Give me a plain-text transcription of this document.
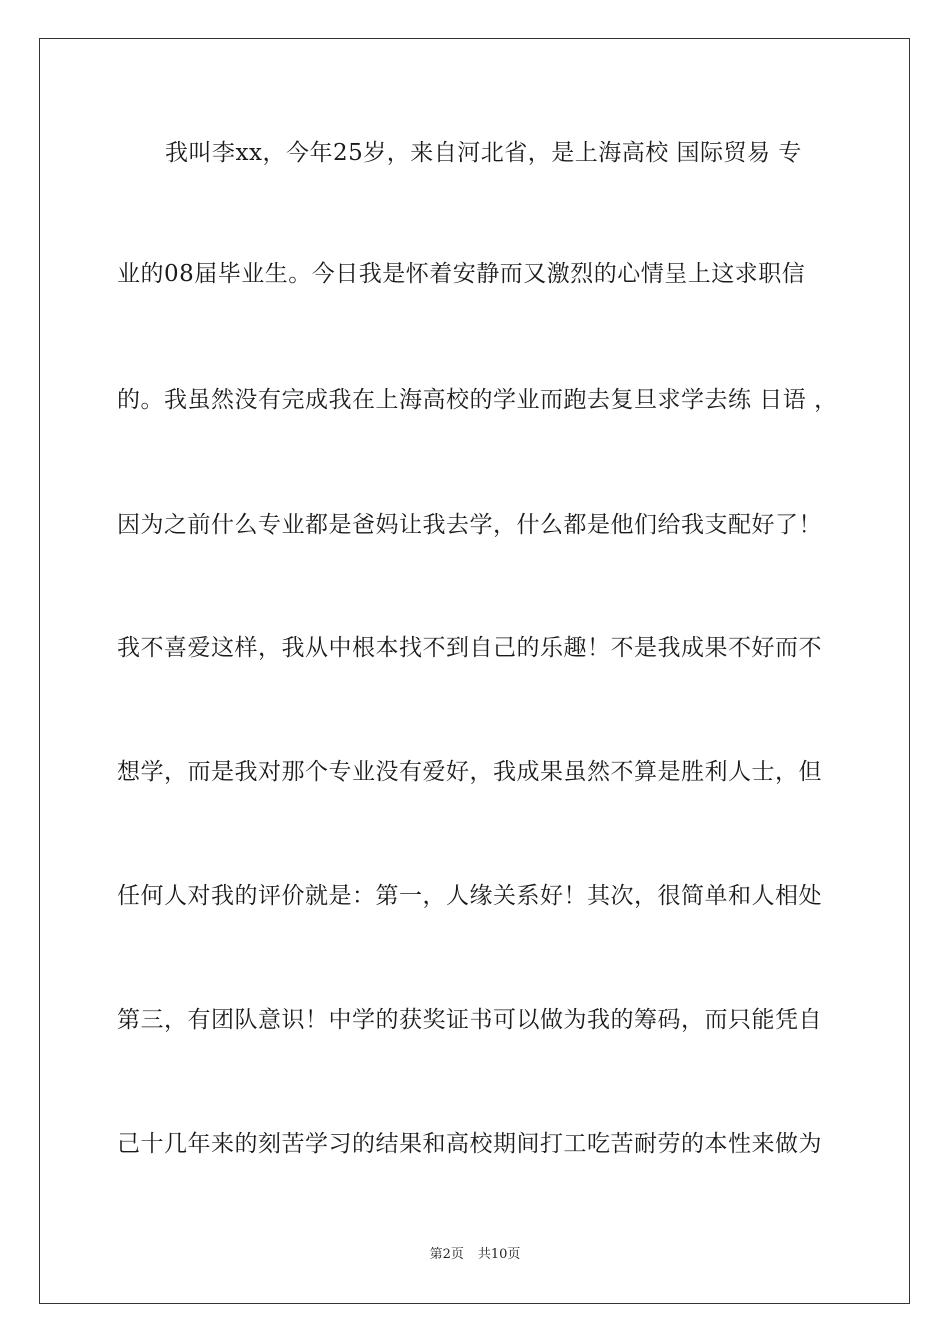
我叫李xx，今年25岁，来自河北省，是上海高校 国际贸易 专
业的08届毕业生。今日我是怀着安静而又激烈的心情呈上这求职信
的。我虽然没有完成我在上海高校的学业而跑去复旦求学去练 日语 ，
因为之前什么专业都是爸妈让我去学，什么都是他们给我支配好了！
我不喜爱这样，我从中根本找不到自己的乐趣！不是我成果不好而不
想学，而是我对那个专业没有爱好，我成果虽然不算是胜利人士，但
任何人对我的评价就是：第一，人缘关系好！其次，很简单和人相处
第三，有团队意识！中学的获奖证书可以做为我的筹码，而只能凭自
己十几年来的刻苦学习的结果和高校期间打工吃苦耐劳的本性来做为
第2页 共10页
